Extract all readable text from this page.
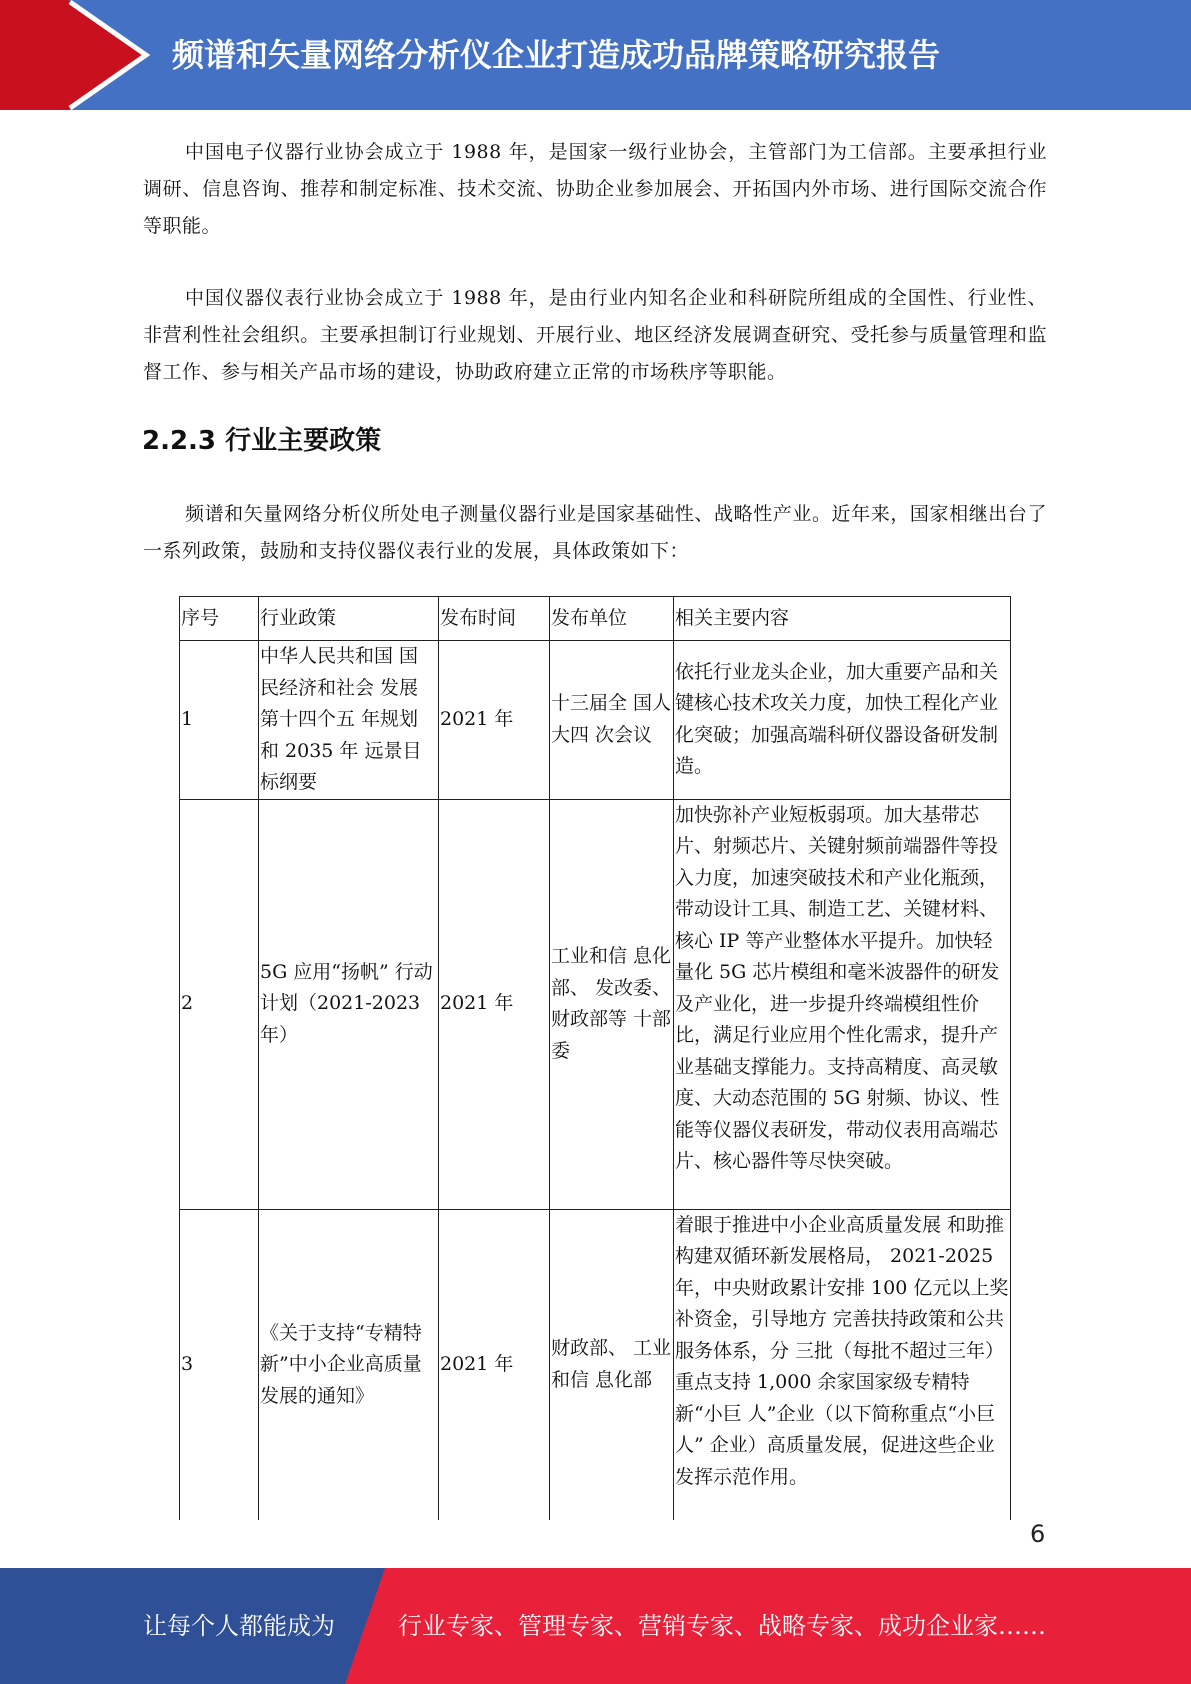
频谱和矢量网络分析仪企业打造成功品牌策略研究报告

中国电子仪器行业协会成立于 1988 年，是国家一级行业协会，主管部门为工信部。主要承担行业调研、信息咨询、推荐和制定标准、技术交流、协助企业参加展会、开拓国内外市场、进行国际交流合作等职能。

中国仪器仪表行业协会成立于 1988 年，是由行业内知名企业和科研院所组成的全国性、行业性、非营利性社会组织。主要承担制订行业规划、开展行业、地区经济发展调查研究、受托参与质量管理和监督工作、参与相关产品市场的建设，协助政府建立正常的市场秩序等职能。

2.2.3 行业主要政策

频谱和矢量网络分析仪所处电子测量仪器行业是国家基础性、战略性产业。近年来，国家相继出台了一系列政策，鼓励和支持仪器仪表行业的发展，具体政策如下：

序号	行业政策	发布时间	发布单位	相关主要内容
1	中华人民共和国 国民经济和社会 发展第十四个五 年规划和 2035 年 远景目标纲要	2021 年	十三届全 国人大四 次会议	依托行业龙头企业，加大重要产品和关键核心技术攻关力度，加快工程化产业化突破；加强高端科研仪器设备研发制造。
2	5G 应用“扬帆” 行动计划（2021-2023 年）	2021 年	工业和信 息化部、 发改委、财政部等 十部委	加快弥补产业短板弱项。加大基带芯片、射频芯片、关键射频前端器件等投入力度，加速突破技术和产业化瓶颈，带动设计工具、制造工艺、关键材料、核心 IP 等产业整体水平提升。加快轻量化 5G 芯片模组和毫米波器件的研发及产业化，进一步提升终端模组性价比，满足行业应用个性化需求，提升产业基础支撑能力。支持高精度、高灵敏度、大动态范围的 5G 射频、协议、性能等仪器仪表研发，带动仪表用高端芯片、核心器件等尽快突破。
3	《关于支持“专精特新”中小企业高质量发展的通知》	2021 年	财政部、 工业和信 息化部	着眼于推进中小企业高质量发展 和助推构建双循环新发展格局， 2021-2025 年，中央财政累计安排 100 亿元以上奖补资金，引导地方 完善扶持政策和公共服务体系，分 三批（每批不超过三年）重点支持 1,000 余家国家级专精特新“小巨 人”企业（以下简称重点“小巨人” 企业）高质量发展，促进这些企业 发挥示范作用。
6
让每个人都能成为	行业专家、管理专家、营销专家、战略专家、成功企业家……
